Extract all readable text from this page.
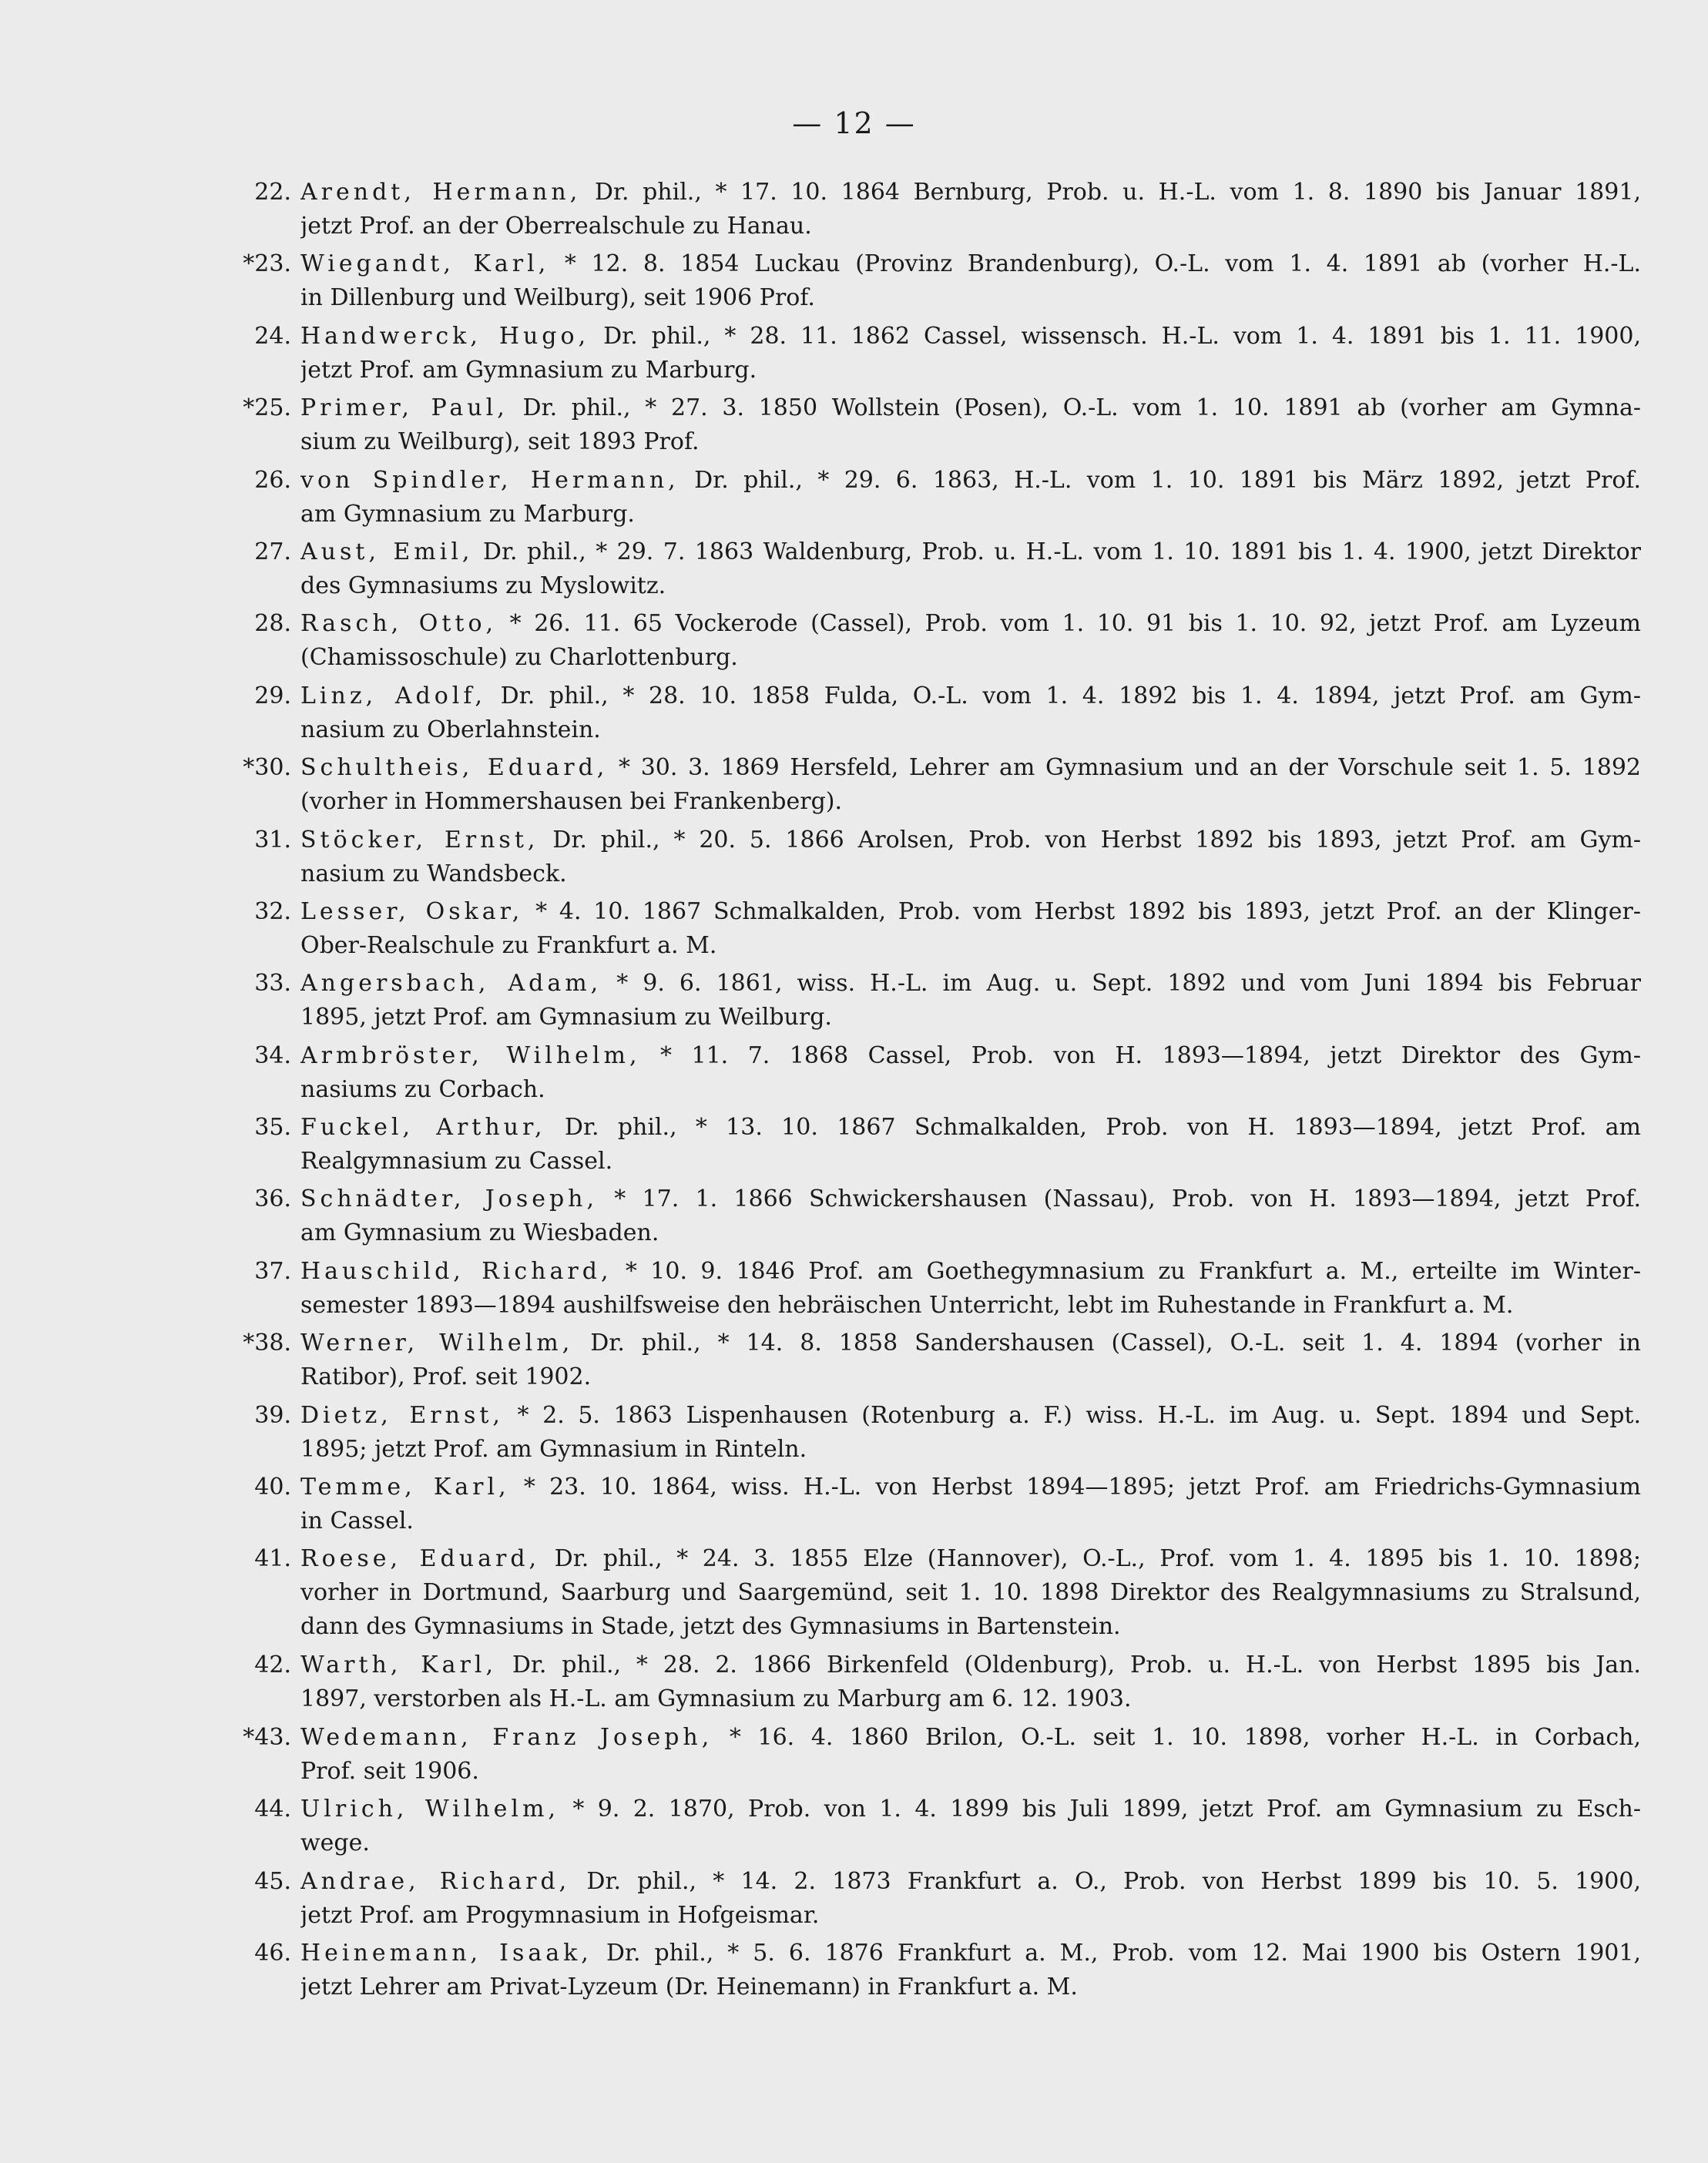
— 12 —
22. Arendt, Hermann, Dr. phil., * 17. 10. 1864 Bernburg, Prob. u. H.-L. vom 1. 8. 1890 bis Januar 1891,
jetzt Prof. an der Oberrealschule zu Hanau.
*23. Wiegandt, Karl, * 12. 8. 1854 Luckau (Provinz Brandenburg), O.-L. vom 1. 4. 1891 ab (vorher H.-L.
in Dillenburg und Weilburg), seit 1906 Prof.
24. Handwerck, Hugo, Dr. phil., * 28. 11. 1862 Cassel, wissensch. H.-L. vom 1. 4. 1891 bis 1. 11. 1900,
jetzt Prof. am Gymnasium zu Marburg.
*25. Primer, Paul, Dr. phil., * 27. 3. 1850 Wollstein (Posen), O.-L. vom 1. 10. 1891 ab (vorher am Gymna-
sium zu Weilburg), seit 1893 Prof.
26. von Spindler, Hermann, Dr. phil., * 29. 6. 1863, H.-L. vom 1. 10. 1891 bis März 1892, jetzt Prof.
am Gymnasium zu Marburg.
27. Aust, Emil, Dr. phil., * 29. 7. 1863 Waldenburg, Prob. u. H.-L. vom 1. 10. 1891 bis 1. 4. 1900, jetzt Direktor
des Gymnasiums zu Myslowitz.
28. Rasch, Otto, * 26. 11. 65 Vockerode (Cassel), Prob. vom 1. 10. 91 bis 1. 10. 92, jetzt Prof. am Lyzeum
(Chamissoschule) zu Charlottenburg.
29. Linz, Adolf, Dr. phil., * 28. 10. 1858 Fulda, O.-L. vom 1. 4. 1892 bis 1. 4. 1894, jetzt Prof. am Gym-
nasium zu Oberlahnstein.
*30. Schultheis, Eduard, * 30. 3. 1869 Hersfeld, Lehrer am Gymnasium und an der Vorschule seit 1. 5. 1892
(vorher in Hommershausen bei Frankenberg).
31. Stöcker, Ernst, Dr. phil., * 20. 5. 1866 Arolsen, Prob. von Herbst 1892 bis 1893, jetzt Prof. am Gym-
nasium zu Wandsbeck.
32. Lesser, Oskar, * 4. 10. 1867 Schmalkalden, Prob. vom Herbst 1892 bis 1893, jetzt Prof. an der Klinger-
Ober-Realschule zu Frankfurt a. M.
33. Angersbach, Adam, * 9. 6. 1861, wiss. H.-L. im Aug. u. Sept. 1892 und vom Juni 1894 bis Februar
1895, jetzt Prof. am Gymnasium zu Weilburg.
34. Armbröster, Wilhelm, * 11. 7. 1868 Cassel, Prob. von H. 1893—1894, jetzt Direktor des Gym-
nasiums zu Corbach.
35. Fuckel, Arthur, Dr. phil., * 13. 10. 1867 Schmalkalden, Prob. von H. 1893—1894, jetzt Prof. am
Realgymnasium zu Cassel.
36. Schnädter, Joseph, * 17. 1. 1866 Schwickershausen (Nassau), Prob. von H. 1893—1894, jetzt Prof.
am Gymnasium zu Wiesbaden.
37. Hauschild, Richard, * 10. 9. 1846 Prof. am Goethegymnasium zu Frankfurt a. M., erteilte im Winter-
semester 1893—1894 aushilfsweise den hebräischen Unterricht, lebt im Ruhestande in Frankfurt a. M.
*38. Werner, Wilhelm, Dr. phil., * 14. 8. 1858 Sandershausen (Cassel), O.-L. seit 1. 4. 1894 (vorher in
Ratibor), Prof. seit 1902.
39. Dietz, Ernst, * 2. 5. 1863 Lispenhausen (Rotenburg a. F.) wiss. H.-L. im Aug. u. Sept. 1894 und Sept.
1895; jetzt Prof. am Gymnasium in Rinteln.
40. Temme, Karl, * 23. 10. 1864, wiss. H.-L. von Herbst 1894—1895; jetzt Prof. am Friedrichs-Gymnasium
in Cassel.
41. Roese, Eduard, Dr. phil., * 24. 3. 1855 Elze (Hannover), O.-L., Prof. vom 1. 4. 1895 bis 1. 10. 1898;
vorher in Dortmund, Saarburg und Saargemünd, seit 1. 10. 1898 Direktor des Realgymnasiums zu Stralsund,
dann des Gymnasiums in Stade, jetzt des Gymnasiums in Bartenstein.
42. Warth, Karl, Dr. phil., * 28. 2. 1866 Birkenfeld (Oldenburg), Prob. u. H.-L. von Herbst 1895 bis Jan.
1897, verstorben als H.-L. am Gymnasium zu Marburg am 6. 12. 1903.
*43. Wedemann, Franz Joseph, * 16. 4. 1860 Brilon, O.-L. seit 1. 10. 1898, vorher H.-L. in Corbach,
Prof. seit 1906.
44. Ulrich, Wilhelm, * 9. 2. 1870, Prob. von 1. 4. 1899 bis Juli 1899, jetzt Prof. am Gymnasium zu Esch-
wege.
45. Andrae, Richard, Dr. phil., * 14. 2. 1873 Frankfurt a. O., Prob. von Herbst 1899 bis 10. 5. 1900,
jetzt Prof. am Progymnasium in Hofgeismar.
46. Heinemann, Isaak, Dr. phil., * 5. 6. 1876 Frankfurt a. M., Prob. vom 12. Mai 1900 bis Ostern 1901,
jetzt Lehrer am Privat-Lyzeum (Dr. Heinemann) in Frankfurt a. M.
